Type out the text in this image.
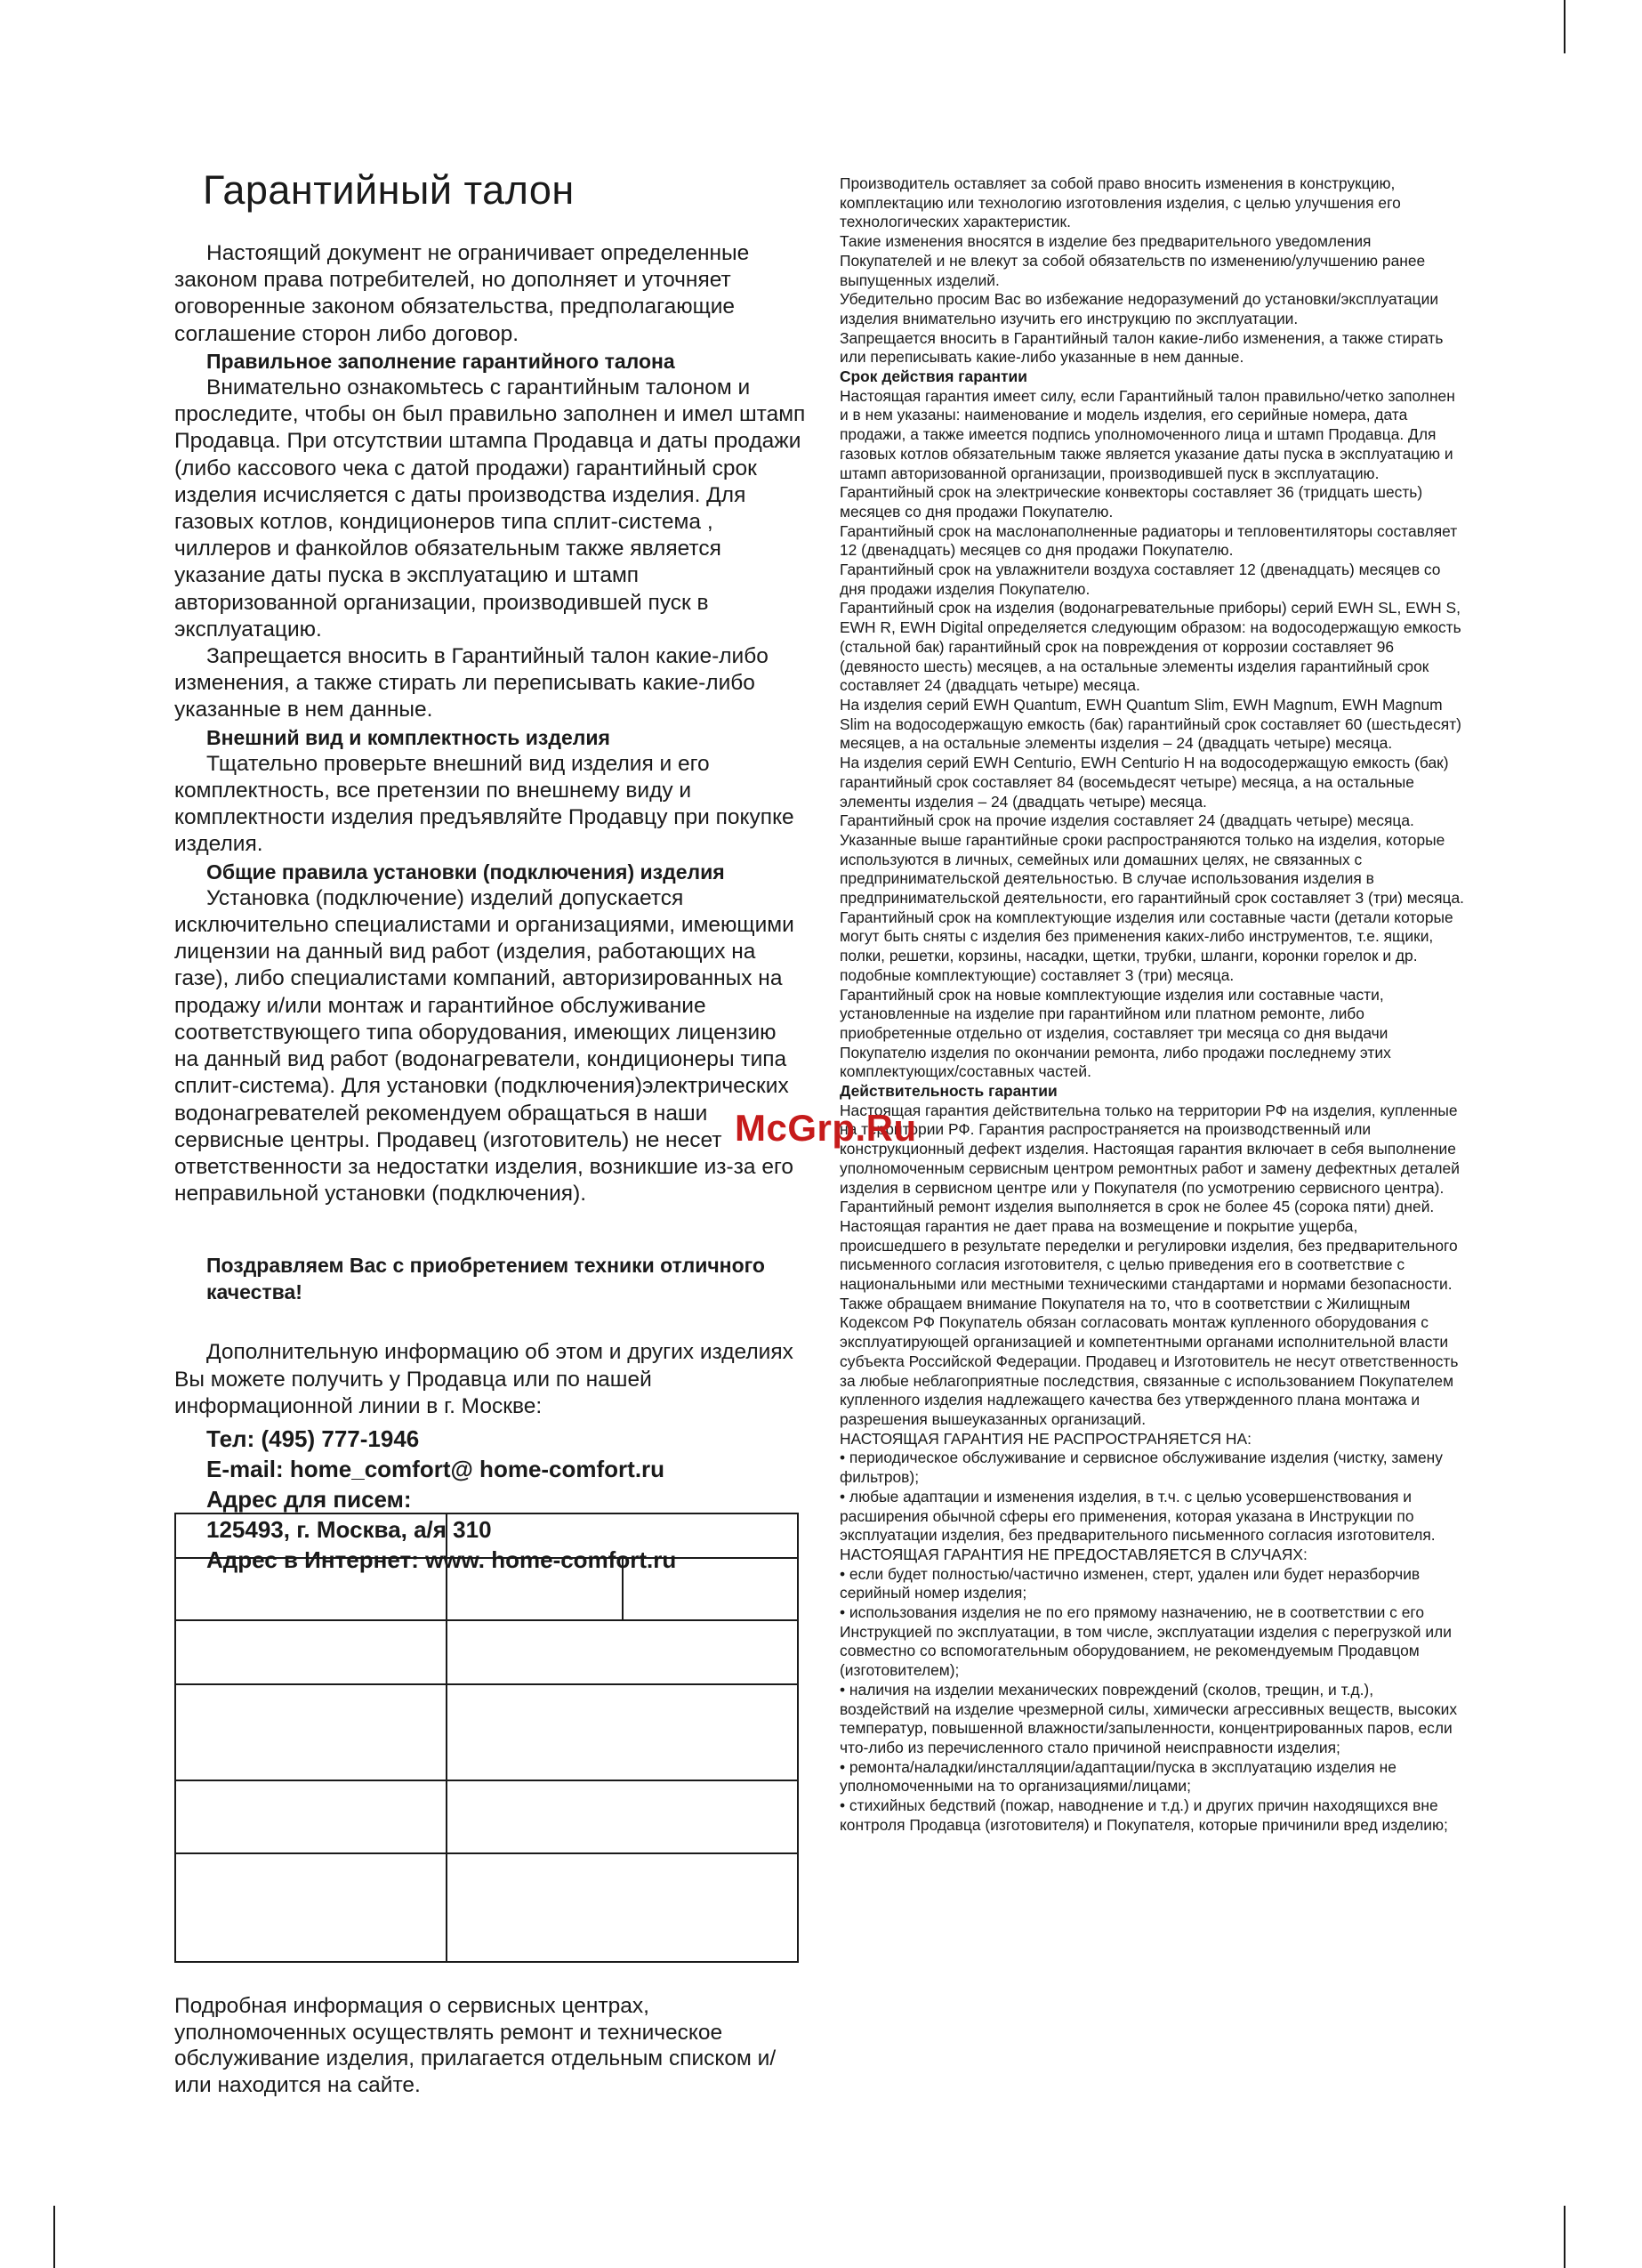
Гарантийный талон

Настоящий документ не ограничивает определенные законом права потребителей, но дополняет и уточняет оговоренные законом обязательства, предполагающие соглашение сторон либо договор.

Правильное заполнение гарантийного талона

Внимательно ознакомьтесь с гарантийным талоном и проследите, чтобы он был правильно заполнен и имел штамп Продавца. При отсутствии штампа Продавца и даты продажи (либо кассового чека с датой продажи) гарантийный срок изделия исчисляется с даты производства изделия. Для газовых котлов, кондиционеров типа сплит-система , чиллеров и фанкойлов обязательным также является указание даты пуска в эксплуатацию и штамп авторизованной организации, производившей пуск в эксплуатацию.

Запрещается вносить в Гарантийный талон какие-либо изменения, а также стирать ли переписывать какие-либо указанные в нем данные.

Внешний вид и комплектность изделия

Тщательно проверьте внешний вид изделия и его комплектность, все претензии по внешнему виду и комплектности изделия предъявляйте Продавцу при покупке изделия.

Общие правила установки (подключения) изделия

Установка (подключение) изделий допускается исключительно специалистами и организациями, имеющими лицензии на данный вид работ (изделия, работающих на газе), либо специалистами компаний, авторизированных на продажу и/или монтаж и гарантийное обслуживание соответствующего типа оборудования, имеющих лицензию на данный вид работ (водонагреватели, кондиционеры типа сплит-система). Для установки (подключения)электрических водонагревателей рекомендуем обращаться в наши сервисные центры. Продавец (изготовитель) не несет ответственности за недостатки изделия, возникшие из-за его неправильной установки (подключения).

Поздравляем Вас с приобретением техники отличного качества!

Дополнительную информацию об этом и других изделиях Вы можете получить у Продавца или по нашей информационной линии в г. Москве:

Тел: (495) 777-1946
E-mail: home_comfort@ home-comfort.ru
Адрес для писем:
125493, г. Москва, а/я 310
Адрес в Интернет: www. home-comfort.ru

Подробная информация о сервисных центрах, уполномоченных осуществлять ремонт и техническое обслуживание изделия, прилагается отдельным списком и/или находится на сайте.

Производитель оставляет за собой право вносить изменения в конструкцию, комплектацию или технологию изготовления изделия, с целью улучшения его технологических характеристик.

Такие изменения вносятся в изделие без предварительного уведомления Покупателей и не влекут за собой обязательств по изменению/улучшению ранее выпущенных изделий.

Убедительно просим Вас во избежание недоразумений до установки/эксплуатации изделия внимательно изучить его инструкцию по эксплуатации.

Запрещается вносить в Гарантийный талон какие-либо изменения, а также стирать или переписывать какие-либо указанные в нем данные.

Срок действия гарантии

Настоящая гарантия имеет силу, если Гарантийный талон правильно/четко заполнен и в нем указаны: наименование и модель изделия, его серийные номера, дата продажи, а также имеется подпись уполномоченного лица и штамп Продавца. Для газовых котлов обязательным также является указание даты пуска в эксплуатацию и штамп авторизованной организации, производившей пуск в эксплуатацию.

Гарантийный срок на электрические конвекторы составляет 36 (тридцать шесть) месяцев со дня продажи Покупателю.

Гарантийный срок на маслонаполненные радиаторы и тепловентиляторы составляет 12 (двенадцать) месяцев со дня продажи Покупателю.

Гарантийный срок на увлажнители воздуха составляет 12 (двенадцать) месяцев со дня продажи изделия Покупателю.

Гарантийный срок на изделия (водонагревательные приборы) серий EWH SL, EWH S, EWH R, EWH Digital определяется следующим образом: на водосодержащую емкость (стальной бак) гарантийный срок на повреждения от коррозии составляет 96 (девяносто шесть) месяцев, а на остальные элементы изделия гарантийный срок составляет 24 (двадцать четыре) месяца.

На изделия серий EWH Quantum, EWH Quantum Slim, EWH Magnum, EWH Magnum Slim на водосодержащую емкость (бак) гарантийный срок составляет 60 (шестьдесят) месяцев, а на остальные элементы изделия – 24 (двадцать четыре) месяца.

На изделия серий EWH Centurio, EWH Centurio H на водосодержащую емкость (бак) гарантийный срок составляет 84 (восемьдесят четыре) месяца, а на остальные элементы изделия – 24 (двадцать четыре) месяца.

Гарантийный срок на прочие изделия составляет 24 (двадцать четыре) месяца.

Указанные выше гарантийные сроки распространяются только на изделия, которые используются в личных, семейных или домашних целях, не связанных с предпринимательской деятельностью. В случае использования изделия в предпринимательской деятельности, его гарантийный срок составляет 3 (три) месяца.

Гарантийный срок на комплектующие изделия или составные части (детали которые могут быть сняты с изделия без применения каких-либо инструментов, т.е. ящики, полки, решетки, корзины, насадки, щетки, трубки, шланги, коронки горелок и др. подобные комплектующие) составляет 3 (три) месяца.

Гарантийный срок на новые комплектующие изделия или составные части, установленные на изделие при гарантийном или платном ремонте, либо приобретенные отдельно от изделия, составляет три месяца со дня выдачи Покупателю изделия по окончании ремонта, либо продажи последнему этих комплектующих/составных частей.

Действительность гарантии

Настоящая гарантия действительна только на территории РФ на изделия, купленные на территории РФ. Гарантия распространяется на производственный или конструкционный дефект изделия. Настоящая гарантия включает в себя выполнение уполномоченным сервисным центром ремонтных работ и замену дефектных деталей изделия в сервисном центре или у Покупателя (по усмотрению сервисного центра). Гарантийный ремонт изделия выполняется в срок не более 45 (сорока пяти) дней.

Настоящая гарантия не дает права на возмещение и покрытие ущерба, происшедшего в результате переделки и регулировки изделия, без предварительного письменного согласия изготовителя, с целью приведения его в соответствие с национальными или местными техническими стандартами и нормами безопасности. Также обращаем внимание Покупателя на то, что в соответствии с Жилищным Кодексом РФ Покупатель обязан согласовать монтаж купленного оборудования с эксплуатирующей организацией и компетентными органами исполнительной власти субъекта Российской Федерации. Продавец и Изготовитель не несут ответственность за любые неблагоприятные последствия, связанные с использованием Покупателем купленного изделия надлежащего качества без утвержденного плана монтажа и разрешения вышеуказанных организаций.

НАСТОЯЩАЯ ГАРАНТИЯ НЕ РАСПРОСТРАНЯЕТСЯ НА:

• периодическое обслуживание и сервисное обслуживание изделия (чистку, замену фильтров);
• любые адаптации и изменения изделия, в т.ч. с целью усовершенствования и расширения обычной сферы его применения, которая указана в Инструкции по эксплуатации изделия, без предварительного письменного согласия изготовителя.

НАСТОЯЩАЯ ГАРАНТИЯ НЕ ПРЕДОСТАВЛЯЕТСЯ В СЛУЧАЯХ:

• если будет полностью/частично изменен, стерт, удален или будет неразборчив серийный номер изделия;
• использования изделия не по его прямому назначению, не в соответствии с его Инструкцией по эксплуатации, в том числе, эксплуатации изделия с перегрузкой или совместно со вспомогательным оборудованием, не рекомендуемым Продавцом (изготовителем);
• наличия на изделии механических повреждений (сколов, трещин, и т.д.), воздействий на изделие чрезмерной силы, химически агрессивных веществ, высоких температур, повышенной влажности/запыленности, концентрированных паров, если что-либо из перечисленного стало причиной неисправности изделия;
• ремонта/наладки/инсталляции/адаптации/пуска в эксплуатацию изделия не уполномоченными на то организациями/лицами;
• стихийных бедствий (пожар, наводнение и т.д.) и других причин находящихся вне контроля Продавца (изготовителя) и Покупателя, которые причинили вред изделию;
McGrp.Ru
